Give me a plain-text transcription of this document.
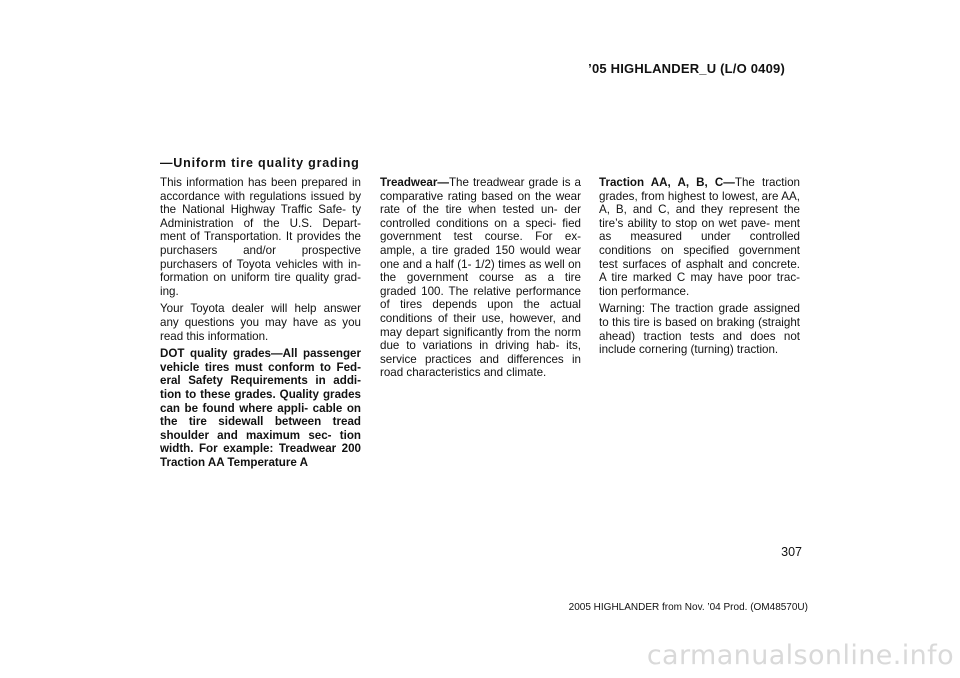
’05 HIGHLANDER_U (L/O 0409)
—Uniform tire quality grading

This information has been prepared in accordance with regulations issued by the National Highway Traffic Safe- ty Administration of the U.S. Depart- ment of Transportation. It provides the purchasers and/or prospective purchasers of Toyota vehicles with in- formation on uniform tire quality grad- ing.

Your Toyota dealer will help answer any questions you may have as you read this information.

DOT quality grades—All passenger vehicle tires must conform to Fed- eral Safety Requirements in addi- tion to these grades. Quality grades can be found where appli- cable on the tire sidewall between tread shoulder and maximum sec- tion width. For example: Treadwear 200 Traction AA Temperature A

Treadwear—The treadwear grade is a comparative rating based on the wear rate of the tire when tested un- der controlled conditions on a speci- fied government test course. For ex- ample, a tire graded 150 would wear one and a half (1- 1/2) times as well on the government course as a tire graded 100. The relative performance of tires depends upon the actual conditions of their use, however, and may depart significantly from the norm due to variations in driving hab- its, service practices and differences in road characteristics and climate.

Traction AA, A, B, C—The traction grades, from highest to lowest, are AA, A, B, and C, and they represent the tire’s ability to stop on wet pave- ment as measured under controlled conditions on specified government test surfaces of asphalt and concrete. A tire marked C may have poor trac- tion performance.

Warning: The traction grade assigned to this tire is based on braking (straight ahead) traction tests and does not include cornering (turning) traction.

307
2005 HIGHLANDER from Nov. ’04 Prod. (OM48570U)
carmanualsonline.info
